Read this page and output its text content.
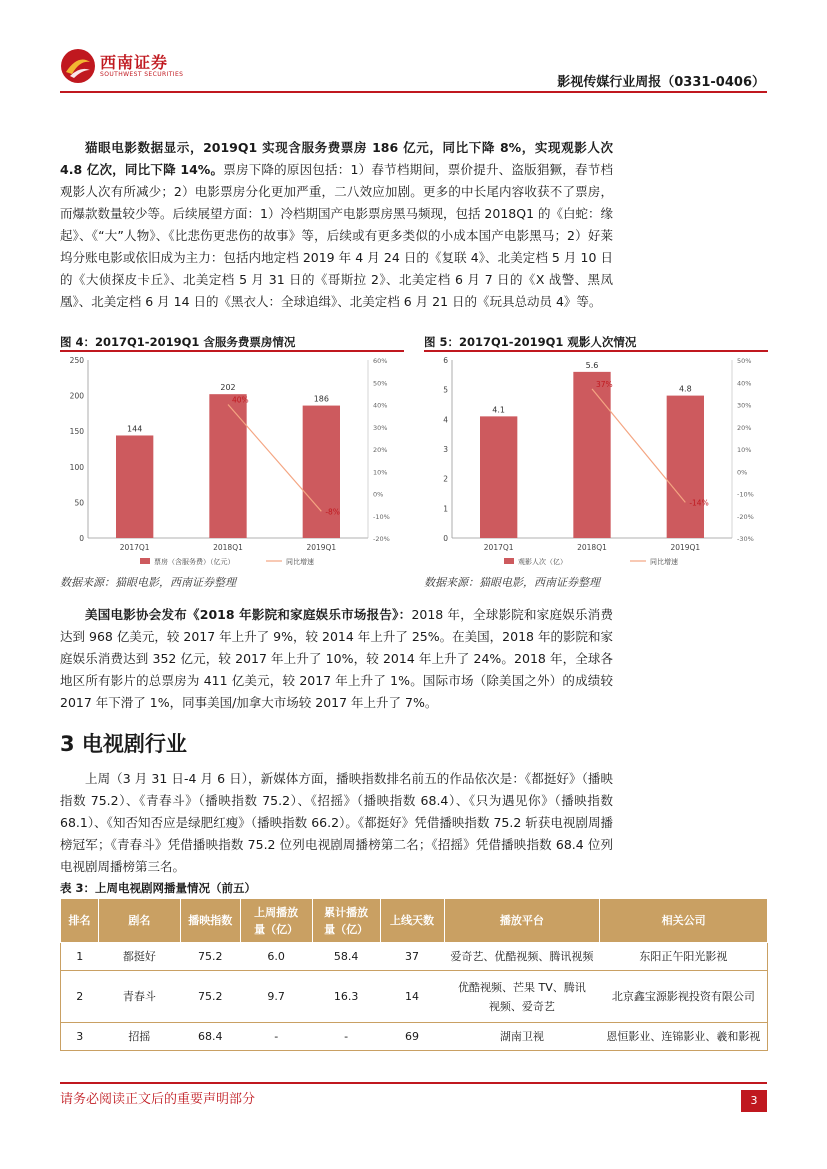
西南证券
SOUTHWEST SECURITIES
影视传媒行业周报（0331-0406）
猫眼电影数据显示，2019Q1 实现含服务费票房 186 亿元，同比下降 8%，实现观影人次 4.8 亿次，同比下降 14%。票房下降的原因包括：1）春节档期间，票价提升、盗版猖獗，春节档观影人次有所减少；2）电影票房分化更加严重，二八效应加剧。更多的中长尾内容收获不了票房，而爆款数量较少等。后续展望方面：1）冷档期国产电影票房黑马频现，包括 2018Q1 的《白蛇：缘起》、《“大”人物》、《比悲伤更悲伤的故事》等，后续或有更多类似的小成本国产电影黑马；2）好莱坞分账电影或依旧成为主力：包括内地定档 2019 年 4 月 24 日的《复联 4》、北美定档 5 月 10 日的《大侦探皮卡丘》、北美定档 5 月 31 日的《哥斯拉 2》、北美定档 6 月 7 日的《X 战警、黑凤凰》、北美定档 6 月 14 日的《黑衣人：全球追缉》、北美定档 6 月 21 日的《玩具总动员 4》等。
图 4：2017Q1-2019Q1 含服务费票房情况
0
50
100
150
200
250
-20%
-10%
0%
10%
20%
30%
40%
50%
60%
144
2017Q1
202
2018Q1
40%	186
2019Q1
-8%
票房（含服务费）（亿元）	同比增速
数据来源：猫眼电影，西南证券整理
图 5：2017Q1-2019Q1 观影人次情况
0
1
2
3
4
5
6
-30%
-20%
-10%
0%
10%
20%
30%
40%
50%
4.1
2017Q1
5.6
2018Q1
37%
4.8
2019Q1
-14%
观影人次（亿）	同比增速
数据来源：猫眼电影，西南证券整理
美国电影协会发布《2018 年影院和家庭娱乐市场报告》：2018 年，全球影院和家庭娱乐消费达到 968 亿美元，较 2017 年上升了 9%，较 2014 年上升了 25%。在美国，2018 年的影院和家庭娱乐消费达到 352 亿元，较 2017 年上升了 10%，较 2014 年上升了 24%。2018 年，全球各地区所有影片的总票房为 411 亿美元，较 2017 年上升了 1%。国际市场（除美国之外）的成绩较 2017 年下滑了 1%，同事美国/加拿大市场较 2017 年上升了 7%。
3 电视剧行业
上周（3 月 31 日-4 月 6 日），新媒体方面，播映指数排名前五的作品依次是：《都挺好》（播映指数 75.2）、《青春斗》（播映指数 75.2）、《招摇》（播映指数 68.4）、《只为遇见你》（播映指数 68.1）、《知否知否应是绿肥红瘦》（播映指数 66.2）。《都挺好》凭借播映指数 75.2 斩获电视剧周播榜冠军；《青春斗》凭借播映指数 75.2 位列电视剧周播榜第二名；《招摇》凭借播映指数 68.4 位列电视剧周播榜第三名。
表 3：上周电视剧网播量情况（前五）
排名	剧名	播映指数	上周播放量（亿）	累计播放量（亿）	上线天数	播放平台	相关公司
1	都挺好	75.2	6.0	58.4	37	爱奇艺、优酷视频、腾讯视频	东阳正午阳光影视
2	青春斗	75.2	9.7	16.3	14	优酷视频、芒果 TV、腾讯视频、爱奇艺	北京鑫宝源影视投资有限公司
3	招摇	68.4	-	-	69	湖南卫视	恩恒影业、连锦影业、羲和影视
请务必阅读正文后的重要声明部分	3
